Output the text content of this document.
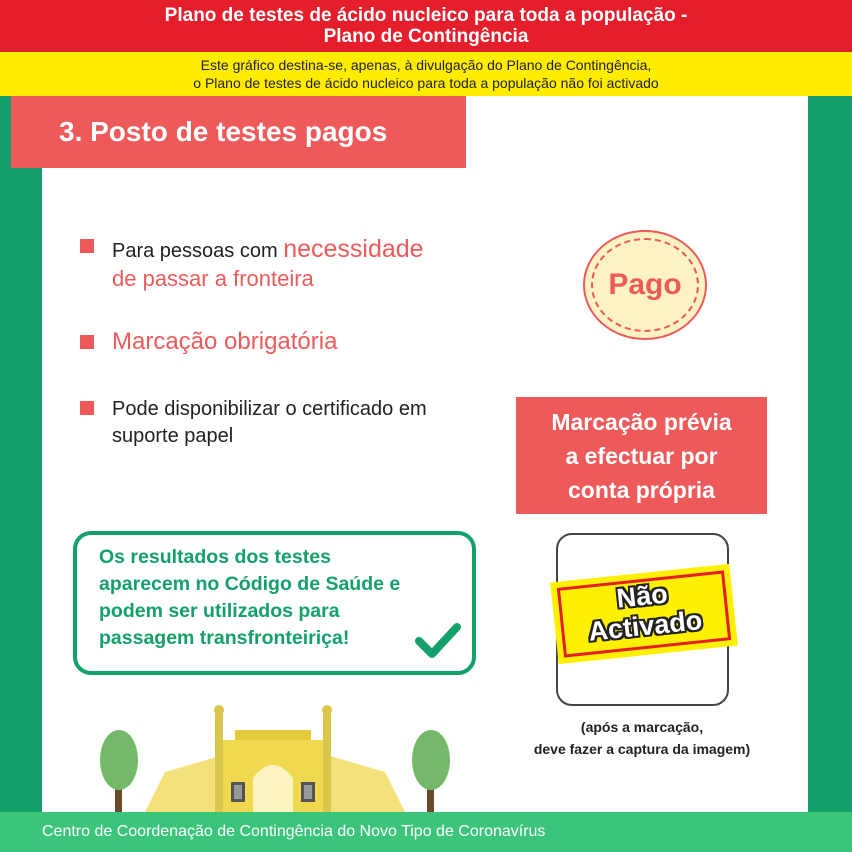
Plano de testes de ácido nucleico para toda a população -
Plano de Contingência
Este gráfico destina-se, apenas, à divulgação do Plano de Contingência,
o Plano de testes de ácido nucleico para toda a população não foi activado
3. Posto de testes pagos
Para pessoas com necessidade
de passar a fronteira
Marcação obrigatória
Pode disponibilizar o certificado em
suporte papel
Pago
Marcação prévia
a efectuar por
conta própria
Os resultados dos testes
aparecem no Código de Saúde e
podem ser utilizados para
passagem transfronteiriça!
Não
Activado
(após a marcação,
deve fazer a captura da imagem)
Centro de Coordenação de Contingência do Novo Tipo de Coronavírus
